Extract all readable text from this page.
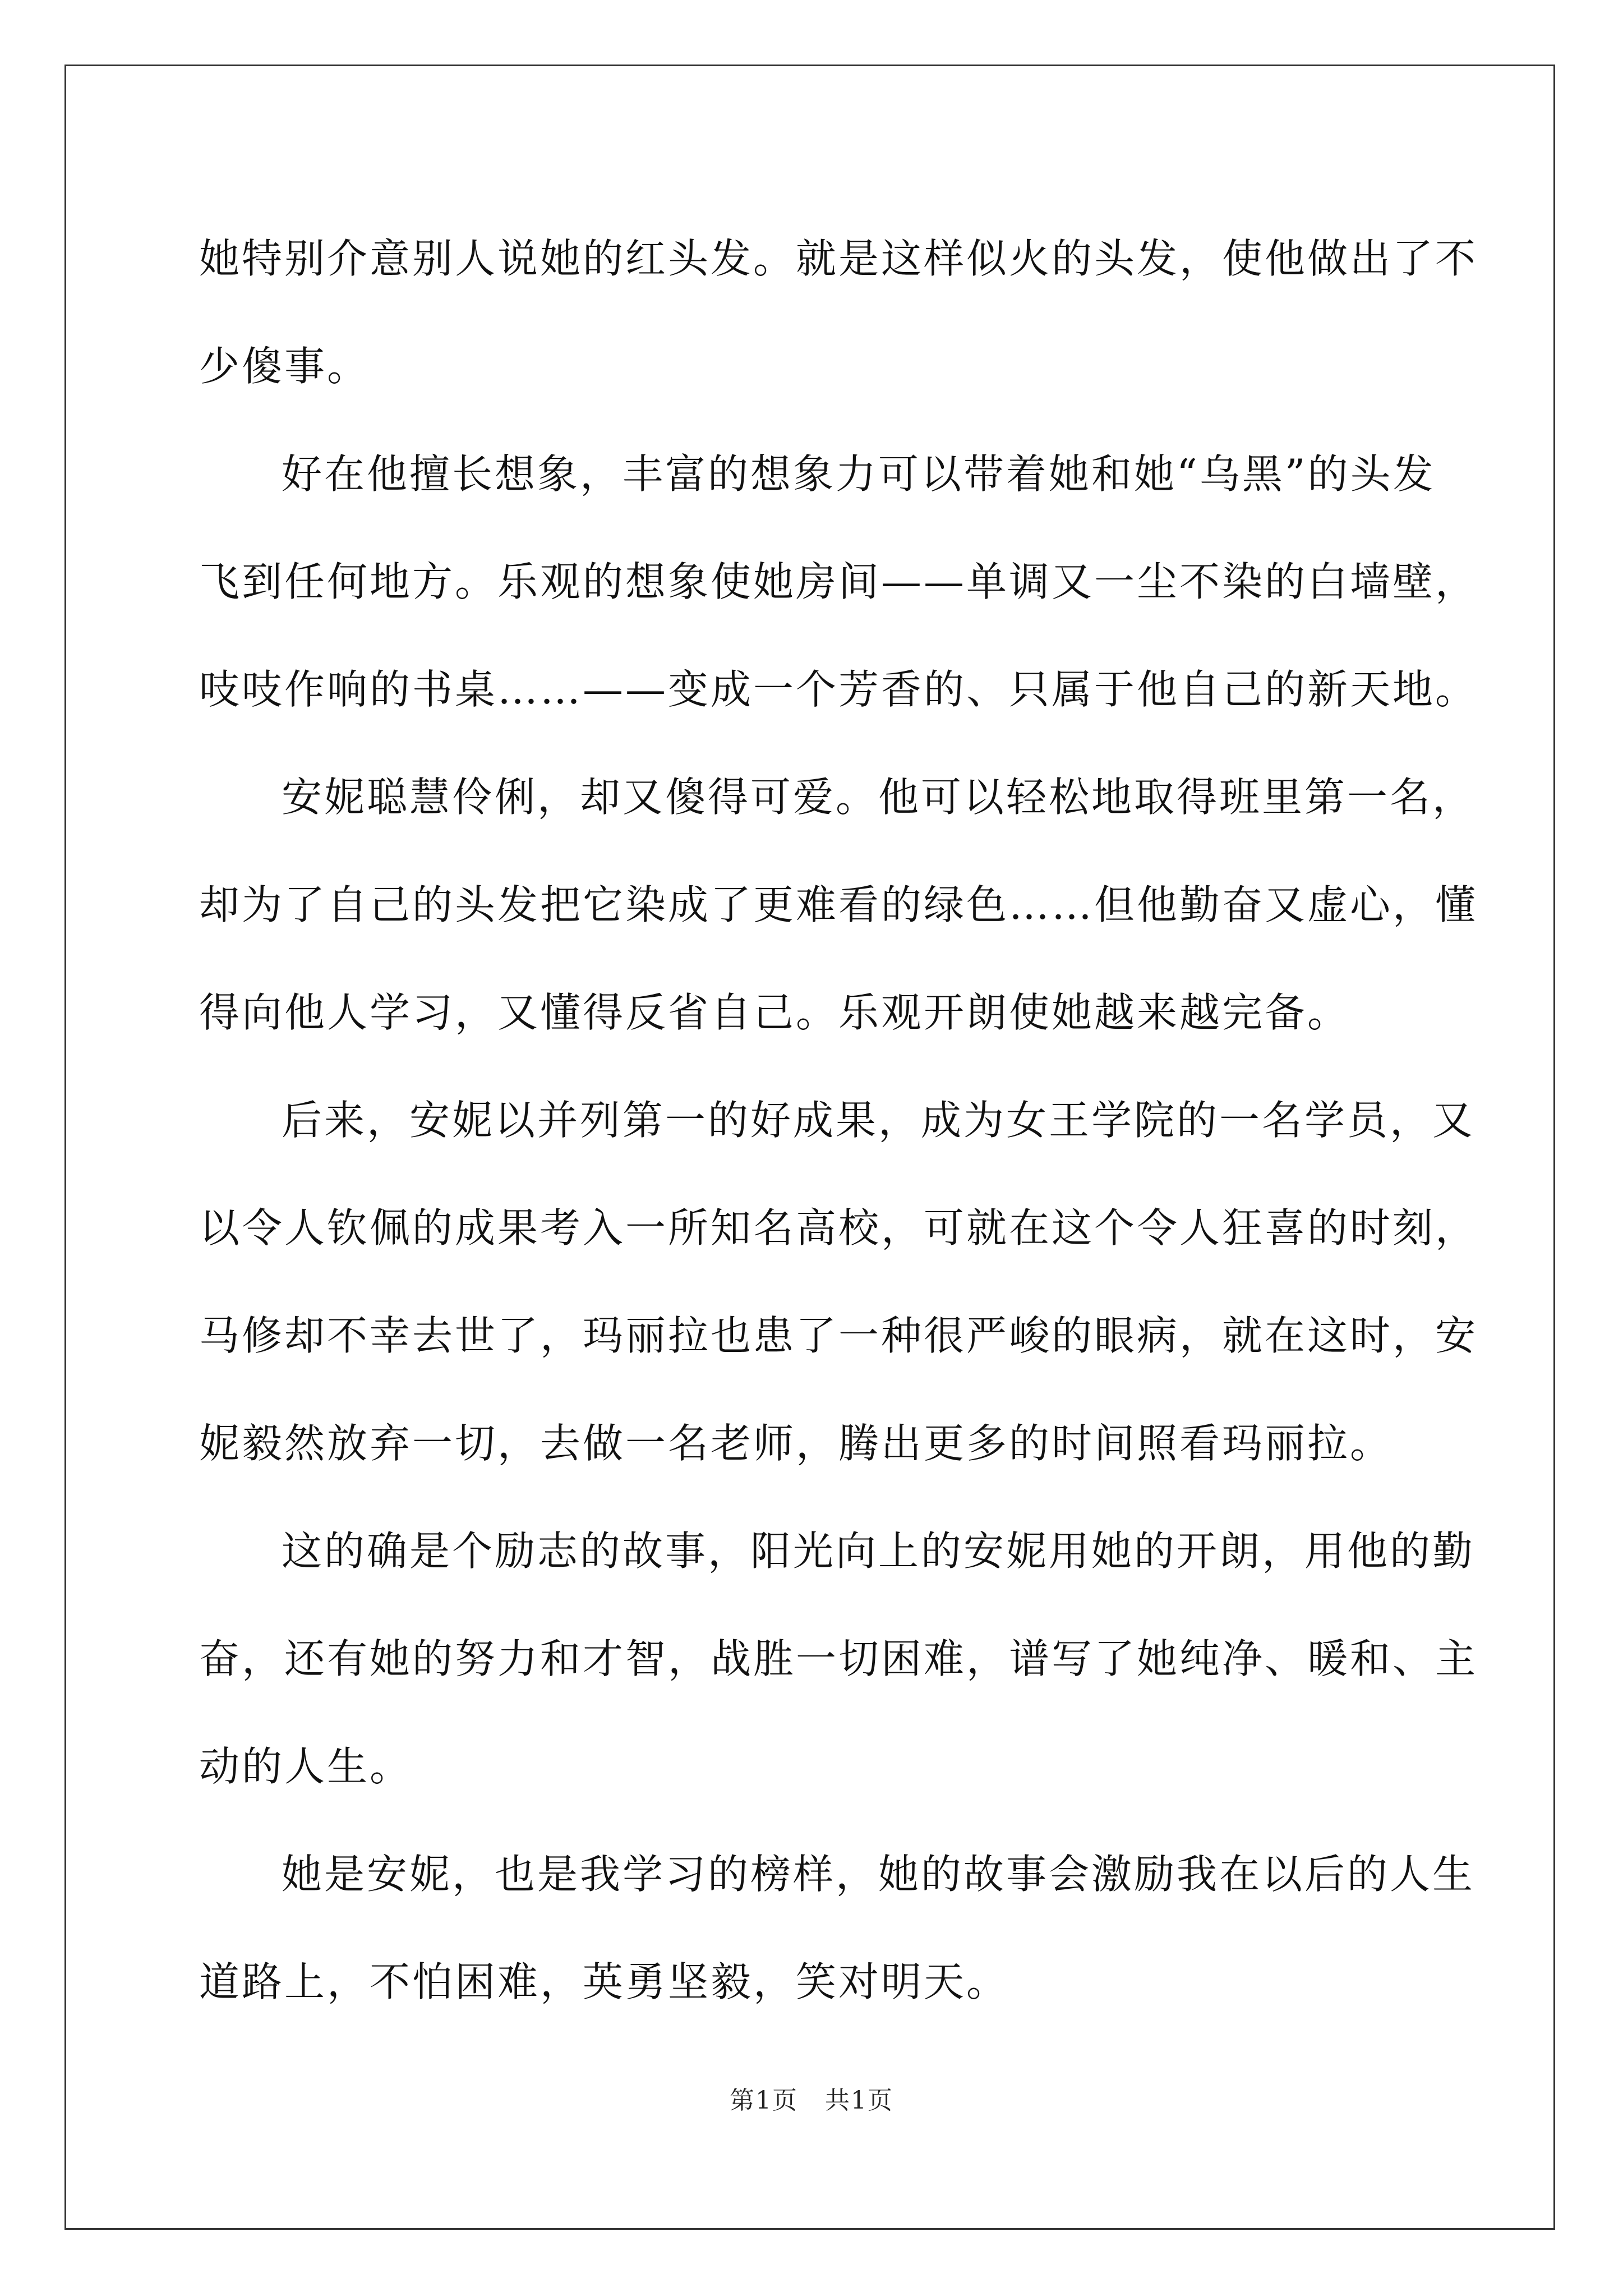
她特别介意别人说她的红头发。就是这样似火的头发，使他做出了不

少傻事。

好在他擅长想象，丰富的想象力可以带着她和她“乌黑”的头发

飞到任何地方。乐观的想象使她房间——单调又一尘不染的白墙壁，

吱吱作响的书桌……——变成一个芳香的、只属于他自己的新天地。

安妮聪慧伶俐，却又傻得可爱。他可以轻松地取得班里第一名，

却为了自己的头发把它染成了更难看的绿色……但他勤奋又虚心，懂

得向他人学习，又懂得反省自己。乐观开朗使她越来越完备。

后来，安妮以并列第一的好成果，成为女王学院的一名学员，又

以令人钦佩的成果考入一所知名高校，可就在这个令人狂喜的时刻，

马修却不幸去世了，玛丽拉也患了一种很严峻的眼病，就在这时，安

妮毅然放弃一切，去做一名老师，腾出更多的时间照看玛丽拉。

这的确是个励志的故事，阳光向上的安妮用她的开朗，用他的勤

奋，还有她的努力和才智，战胜一切困难，谱写了她纯净、暖和、主

动的人生。

她是安妮，也是我学习的榜样，她的故事会激励我在以后的人生

道路上，不怕困难，英勇坚毅，笑对明天。

第1页 共1页
